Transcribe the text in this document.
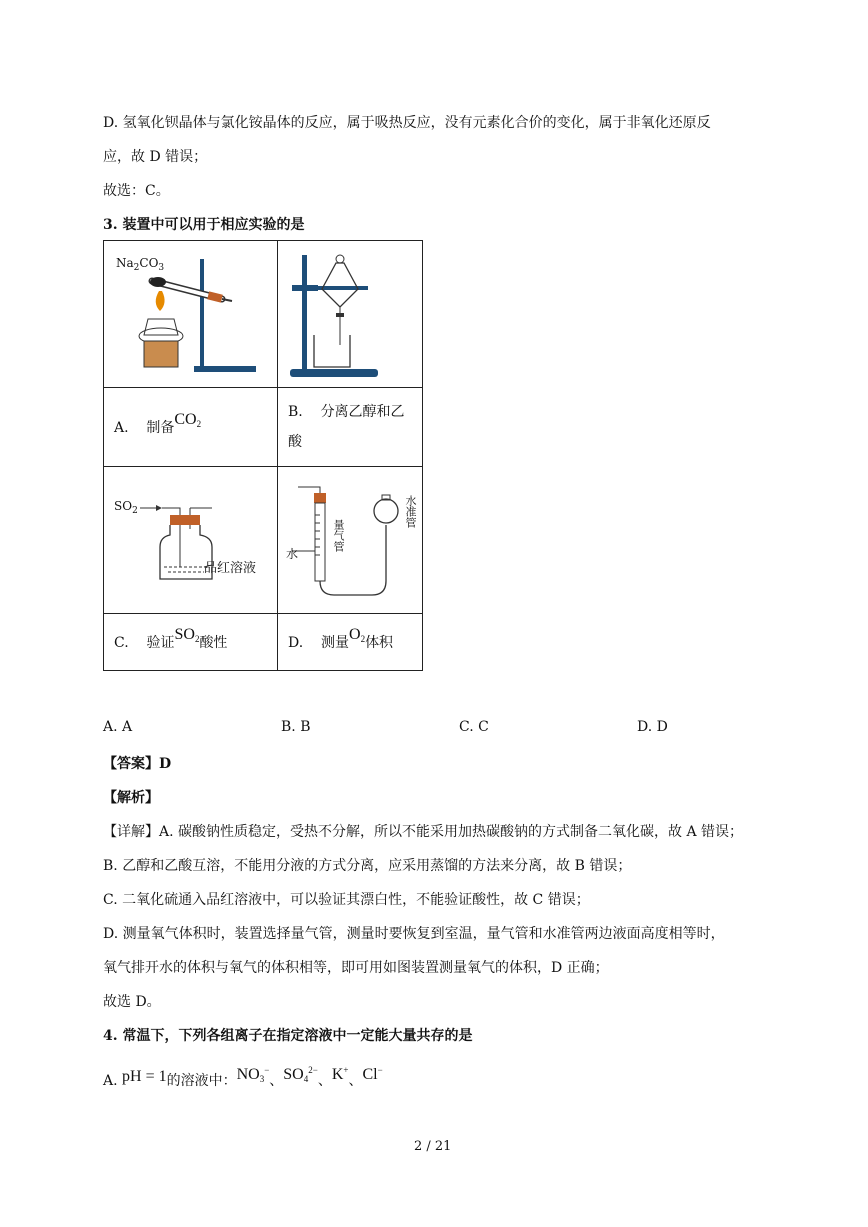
D. 氢氧化钡晶体与氯化铵晶体的反应，属于吸热反应，没有元素化合价的变化，属于非氧化还原反
应，故 D 错误；
故选：C。
3. 装置中可以用于相应实验的是
$Na_2CO_3$

A. 制备$CO_2$	B. 分离乙醇和乙
酸

$SO_2$
品红溶液	水
量气管
水准管

C. 验证$SO_2$酸性	D. 测量$O_2$体积
A. A	B. B	C. C	D. D
【答案】D
【解析】
【详解】A. 碳酸钠性质稳定，受热不分解，所以不能采用加热碳酸钠的方式制备二氧化碳，故 A 错误；
B. 乙醇和乙酸互溶，不能用分液的方式分离，应采用蒸馏的方法来分离，故 B 错误；
C. 二氧化硫通入品红溶液中，可以验证其漂白性，不能验证酸性，故 C 错误；
D. 测量氧气体积时，装置选择量气管，测量时要恢复到室温，量气管和水准管两边液面高度相等时，
氧气排开水的体积与氧气的体积相等，即可用如图装置测量氧气的体积，D 正确；
故选 D。
4. 常温下，下列各组离子在指定溶液中一定能大量共存的是
A. pH = 1的溶液中：$NO_3^-$、$SO_4^{2-}$、K+、Cl−
2 / 21
